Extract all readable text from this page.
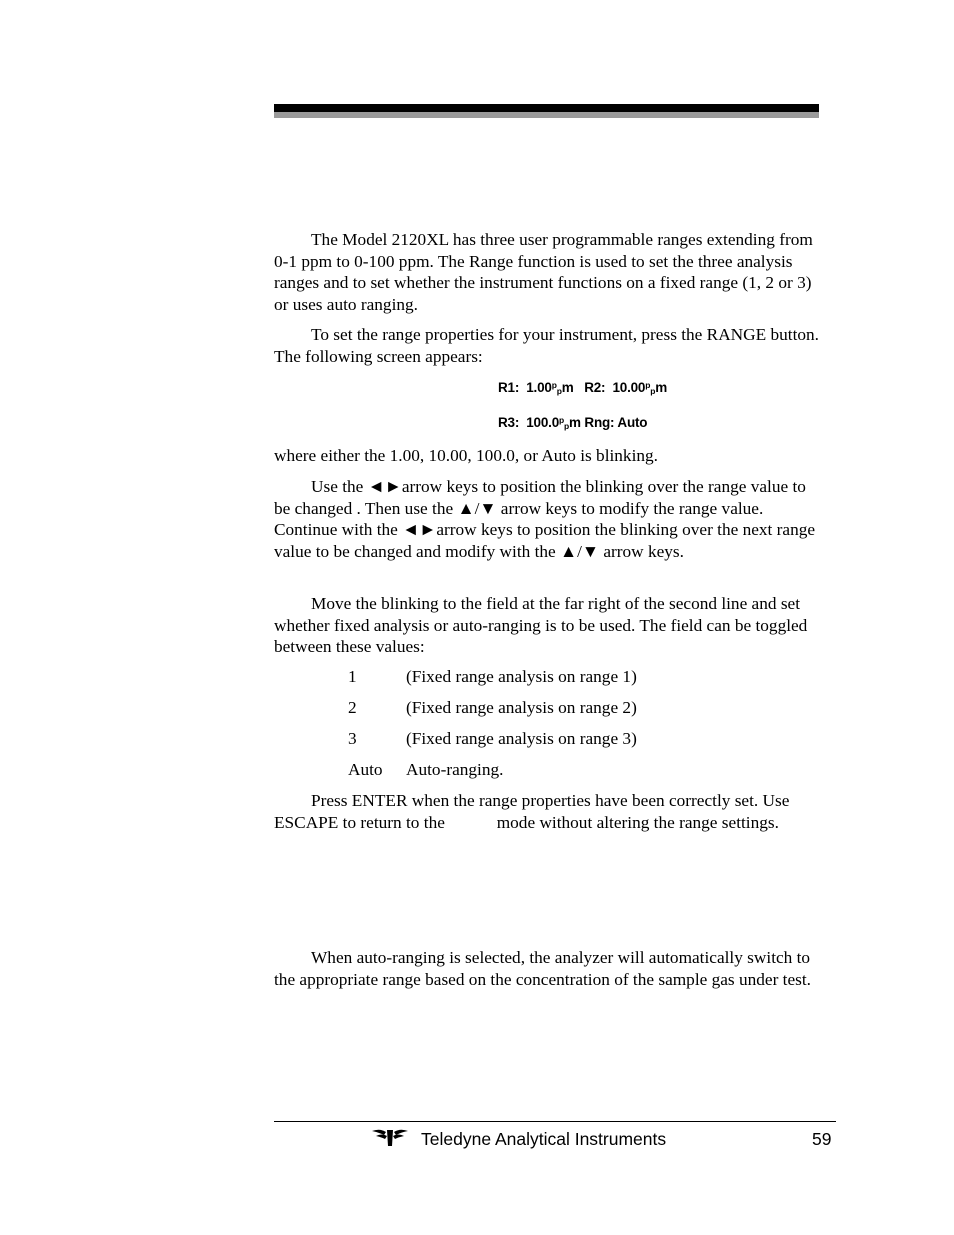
The Model 2120XL has three user programmable ranges extending from 0-1 ppm to 0-100 ppm. The Range function is used to set the three analysis ranges and to set whether the instrument functions on a fixed range (1, 2 or 3) or uses auto ranging.

To set the range properties for your instrument, press the RANGE button. The following screen appears:

R1:  $1.00^p_pm$   R2:  $10.00^p_pm$
R3:  $100.0^p_pm$ Rng: Auto

where either the 1.00, 10.00, 100.0, or Auto is blinking.

Use the ◄►arrow keys to position the blinking over the range value to be changed . Then use the ▲/▼ arrow keys to modify the range value. Continue with the ◄►arrow keys to position the blinking over the next range value to be changed and modify with the ▲/▼ arrow keys.

Move the blinking to the field at the far right of the second line and set whether fixed analysis or auto-ranging is to be used. The field can be toggled between these values:

1	(Fixed range analysis on range 1)
2	(Fixed range analysis on range 2)
3	(Fixed range analysis on range 3)
Auto Auto-ranging.

Press ENTER when the range properties have been correctly set. Use ESCAPE to return to the            mode without altering the range settings.

When auto-ranging is selected, the analyzer will automatically switch to the appropriate range based on the concentration of the sample gas under test.

Teledyne Analytical Instruments	59
